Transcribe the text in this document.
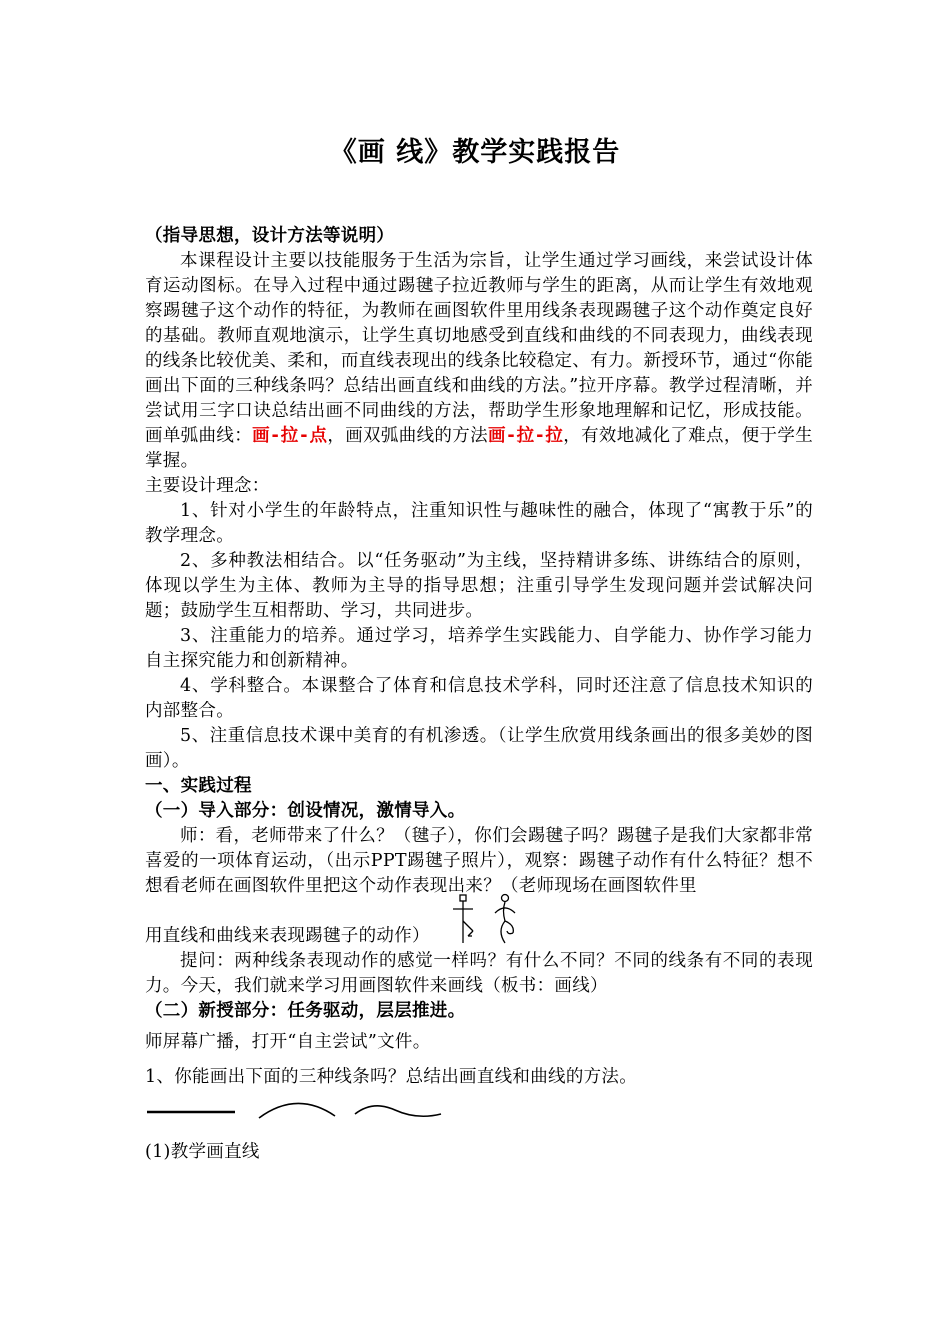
《画 线》教学实践报告

（指导思想，设计方法等说明）

本课程设计主要以技能服务于生活为宗旨，让学生通过学习画线，来尝试设计体育运动图标。在导入过程中通过踢毽子拉近教师与学生的距离，从而让学生有效地观察踢毽子这个动作的特征，为教师在画图软件里用线条表现踢毽子这个动作奠定良好的基础。教师直观地演示，让学生真切地感受到直线和曲线的不同表现力，曲线表现的线条比较优美、柔和，而直线表现出的线条比较稳定、有力。新授环节，通过“你能画出下面的三种线条吗？总结出画直线和曲线的方法。”拉开序幕。教学过程清晰，并尝试用三字口诀总结出画不同曲线的方法，帮助学生形象地理解和记忆，形成技能。画单弧曲线：画-拉-点，画双弧曲线的方法画-拉-拉，有效地减化了难点，便于学生掌握。

主要设计理念：

1、针对小学生的年龄特点，注重知识性与趣味性的融合，体现了“寓教于乐”的教学理念。

2、多种教法相结合。以“任务驱动”为主线，坚持精讲多练、讲练结合的原则，体现以学生为主体、教师为主导的指导思想；注重引导学生发现问题并尝试解决问题；鼓励学生互相帮助、学习，共同进步。

3、注重能力的培养。通过学习，培养学生实践能力、自学能力、协作学习能力自主探究能力和创新精神。

4、学科整合。本课整合了体育和信息技术学科，同时还注意了信息技术知识的内部整合。

5、注重信息技术课中美育的有机渗透。（让学生欣赏用线条画出的很多美妙的图画）。

一、实践过程

（一）导入部分：创设情况，激情导入。

师：看，老师带来了什么？（毽子），你们会踢毽子吗？踢毽子是我们大家都非常喜爱的一项体育运动，（出示PPT踢毽子照片），观察：踢毽子动作有什么特征？想不想看老师在画图软件里把这个动作表现出来？（老师现场在画图软件里

用直线和曲线来表现踢毽子的动作）

提问：两种线条表现动作的感觉一样吗？有什么不同？不同的线条有不同的表现力。今天，我们就来学习用画图软件来画线（板书：画线）

（二）新授部分：任务驱动，层层推进。

师屏幕广播，打开“自主尝试”文件。

1、你能画出下面的三种线条吗？总结出画直线和曲线的方法。

(1)教学画直线
